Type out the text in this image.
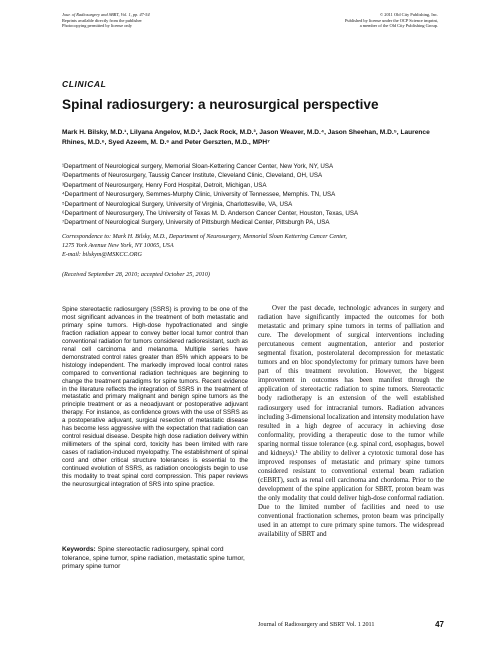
Jour. of Radiosurgery and SBRT, Vol. 1, pp. 47-54
Reprints available directly from the publisher
Photocopying permitted by license only
© 2011 Old City Publishing, Inc.
Published by license under the OCP Science imprint,
a member of the Old City Publishing Group.
CLINICAL
Spinal radiosurgery: a neurosurgical perspective
Mark H. Bilsky, M.D.¹, Lilyana Angelov, M.D.², Jack Rock, M.D.³, Jason Weaver, M.D.⁴, Jason Sheehan, M.D.⁵, Laurence Rhines, M.D.⁶, Syed Azeem, M. D.⁶ and Peter Gerszten, M.D., MPH⁷
¹Department of Neurological surgery, Memorial Sloan-Kettering Cancer Center, New York, NY, USA
²Departments of Neurosurgery, Taussig Cancer Institute, Cleveland Clinic, Cleveland, OH, USA
³Department of Neurosurgery, Henry Ford Hospital, Detroit, Michigan, USA
⁴Department of Neurosurgery, Semmes-Murphy Clinic, University of Tennessee, Memphis. TN, USA
⁵Department of Neurological Surgery, University of Virginia, Charlottesville, VA, USA
⁶Department of Neurosurgery, The University of Texas M. D. Anderson Cancer Center, Houston, Texas, USA
⁷Department of Neurological Surgery, University of Pittsburgh Medical Center, Pittsburgh PA, USA
Correspondence to: Mark H. Bilsky, M.D., Department of Neurosurgery, Memorial Sloan Kettering Cancer Center,
1275 York Avenue New York, NY 10065, USA
E-mail: bilskym@MSKCC.ORG
(Received September 28, 2010; accepted October 25, 2010)
Spine stereotactic radiosurgery (SSRS) is proving to be one of the most significant advances in the treatment of both metastatic and primary spine tumors. High-dose hypofractionated and single fraction radiation appear to convey better local tumor control than conventional radiation for tumors considered radioresistant, such as renal cell carcinoma and melanoma. Multiple series have demonstrated control rates greater than 85% which appears to be histology independent. The markedly improved local control rates compared to conventional radiation techniques are beginning to change the treatment paradigms for spine tumors. Recent evidence in the literature reflects the integration of SSRS in the treatment of metastatic and primary malignant and benign spine tumors as the principle treatment or as a neoadjuvant or postoperative adjuvant therapy. For instance, as confidence grows with the use of SSRS as a postoperative adjuvant, surgical resection of metastatic disease has become less aggressive with the expectation that radiation can control residual disease. Despite high dose radiation delivery within millimeters of the spinal cord, toxicity has been limited with rare cases of radiation-induced myelopathy. The establishment of spinal cord and other critical structure tolerances is essential to the continued evolution of SSRS, as radiation oncologists begin to use this modality to treat spinal cord compression. This paper reviews the neurosurgical integration of SRS into spine practice.
Keywords: Spine stereotactic radiosurgery, spinal cord tolerance, spine tumor, spine radiation, metastatic spine tumor, primary spine tumor
Over the past decade, technologic advances in surgery and radiation have significantly impacted the outcomes for both metastatic and primary spine tumors in terms of palliation and cure. The development of surgical interventions including percutaneous cement augmentation, anterior and posterior segmental fixation, posterolateral decompression for metastatic tumors and en bloc spondylectomy for primary tumors have been part of this treatment revolution. However, the biggest improvement in outcomes has been manifest through the application of stereotactic radiation to spine tumors. Stereotactic body radiotherapy is an extension of the well established radiosurgery used for intracranial tumors. Radiation advances including 3-dimensional localization and intensity modulation have resulted in a high degree of accuracy in achieving dose conformality, providing a therapeutic dose to the tumor while sparing normal tissue tolerance (e.g. spinal cord, esophagus, bowel and kidneys).¹ The ability to deliver a cytotoxic tumoral dose has improved responses of metastatic and primary spine tumors considered resistant to conventional external beam radiation (cEBRT), such as renal cell carcinoma and chordoma. Prior to the development of the spine application for SBRT, proton beam was the only modality that could deliver high-dose conformal radiation. Due to the limited number of facilities and need to use conventional fractionation schemes, proton beam was principally used in an attempt to cure primary spine tumors. The widespread availability of SBRT and
Journal of Radiosurgery and SBRT Vol. 1 2011	47
